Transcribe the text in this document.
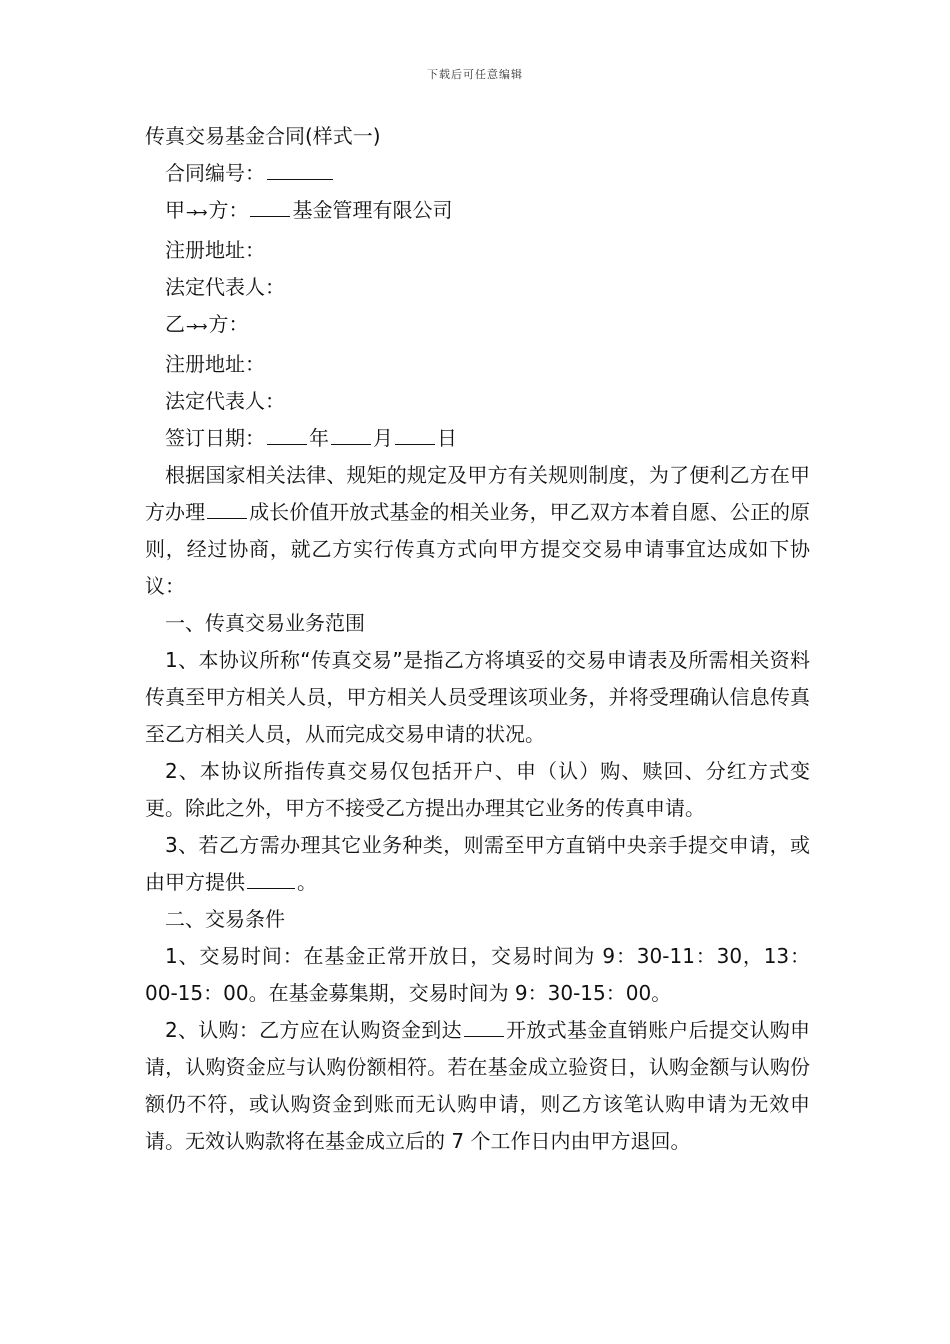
下载后可任意编辑
传真交易基金合同(样式一)

合同编号：

甲→→ 方： 基金管理有限公司

注册地址：

法定代表人：

乙→→ 方：

注册地址：

法定代表人：

签订日期： 年 月 日

根据国家相关法律、规矩的规定及甲方有关规则制度，为了便利乙方在甲方办理 成长价值开放式基金的相关业务，甲乙双方本着自愿、公正的原则，经过协商，就乙方实行传真方式向甲方提交交易申请事宜达成如下协议：

一、传真交易业务范围

1、本协议所称“传真交易”是指乙方将填妥的交易申请表及所需相关资料传真至甲方相关人员，甲方相关人员受理该项业务，并将受理确认信息传真至乙方相关人员，从而完成交易申请的状况。

2、本协议所指传真交易仅包括开户、申（认）购、赎回、分红方式变更。除此之外，甲方不接受乙方提出办理其它业务的传真申请。

3、若乙方需办理其它业务种类，则需至甲方直销中央亲手提交申请，或由甲方提供	。

二、交易条件

1、交易时间：在基金正常开放日，交易时间为 9：30-11：30，13：00-15：00。在基金募集期，交易时间为 9：30-15：00。

2、认购：乙方应在认购资金到达 开放式基金直销账户后提交认购申请，认购资金应与认购份额相符。若在基金成立验资日，认购金额与认购份额仍不符，或认购资金到账而无认购申请，则乙方该笔认购申请为无效申请。无效认购款将在基金成立后的 7 个工作日内由甲方退回。
